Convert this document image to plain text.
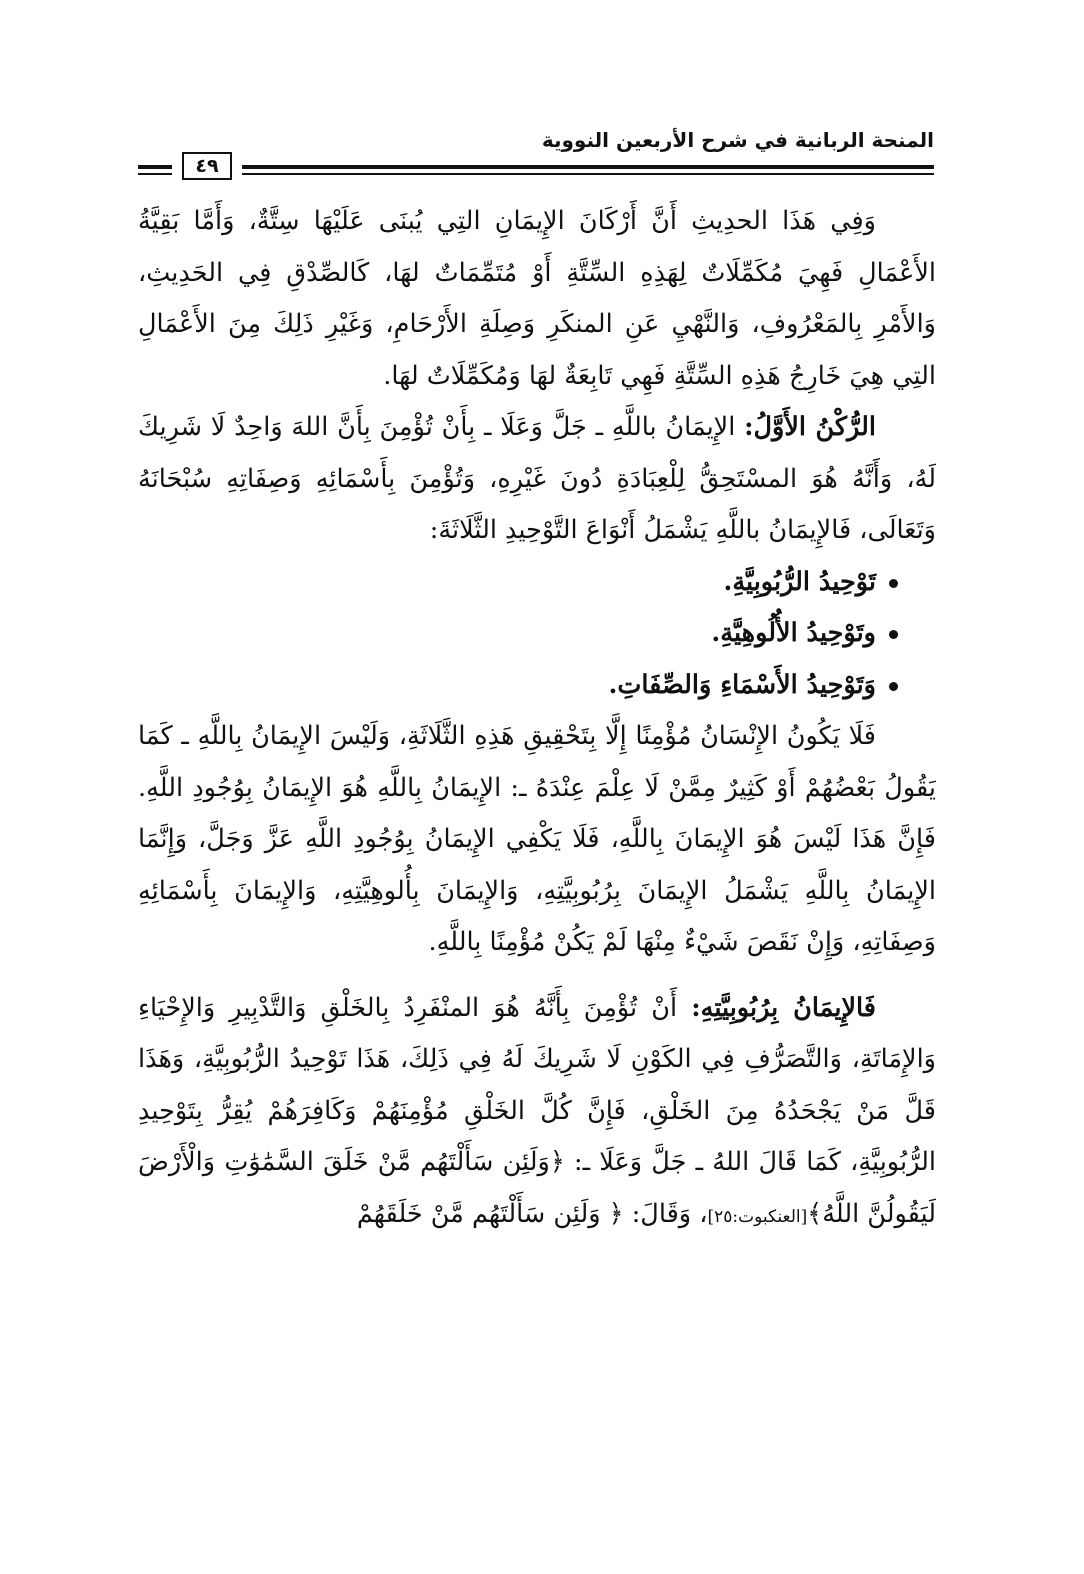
المنحة الربانية في شرح الأربعين النووية
٤٩

وَفِي هَذَا الحدِيثِ أَنَّ أَرْكَانَ الإِيمَانِ التِي يُبنَى عَلَيْهَا سِتَّةٌ، وَأَمَّا بَقِيَّةُ الأَعْمَالِ فَهِيَ مُكَمِّلَاتٌ لِهَذِهِ السِّتَّةِ أَوْ مُتَمِّمَاتٌ لهَا، كَالصِّدْقِ فِي الحَدِيثِ، وَالأَمْرِ بِالمَعْرُوفِ، وَالنَّهْيِ عَنِ المنكَرِ وَصِلَةِ الأَرْحَامِ، وَغَيْرِ ذَلِكَ مِنَ الأَعْمَالِ التِي هِيَ خَارِجُ هَذِهِ السِّتَّةِ فَهِي تَابِعَةٌ لهَا وَمُكَمِّلَاتٌ لهَا.

الرُّكْنُ الأَوَّلُ: الإِيمَانُ باللَّهِ ـ جَلَّ وَعَلَا ـ بِأَنْ تُؤْمِنَ بِأَنَّ اللهَ وَاحِدٌ لَا شَرِيكَ لَهُ، وَأَنَّهُ هُوَ المسْتَحِقُّ لِلْعِبَادَةِ دُونَ غَيْرِهِ، وَتُؤْمِنَ بِأَسْمَائِهِ وَصِفَاتِهِ سُبْحَانَهُ وَتَعَالَى، فَالإِيمَانُ باللَّهِ يَشْمَلُ أَنْوَاعَ التَّوْحِيدِ الثَّلَاثَةَ:

تَوْحِيدُ الرُّبُوبِيَّةِ.
وتَوْحِيدُ الأُلُوهِيَّةِ.
وَتَوْحِيدُ الأَسْمَاءِ وَالصِّفَاتِ.

فَلَا يَكُونُ الإِنْسَانُ مُؤْمِنًا إِلَّا بِتَحْقِيقِ هَذِهِ الثَّلَاثَةِ، وَلَيْسَ الإِيمَانُ بِاللَّهِ ـ كَمَا يَقُولُ بَعْضُهُمْ أَوْ كَثِيرٌ مِمَّنْ لَا عِلْمَ عِنْدَهُ ـ: الإِيمَانُ بِاللَّهِ هُوَ الإِيمَانُ بِوُجُودِ اللَّهِ. فَإِنَّ هَذَا لَيْسَ هُوَ الإِيمَانَ بِاللَّهِ، فَلَا يَكْفِي الإِيمَانُ بِوُجُودِ اللَّهِ عَزَّ وَجَلَّ، وَإِنَّمَا الإِيمَانُ بِاللَّهِ يَشْمَلُ الإِيمَانَ بِرُبُوبِيَّتِهِ، وَالإِيمَانَ بِأُلوهِيَّتِهِ، وَالإِيمَانَ بِأَسْمَائِهِ وَصِفَاتِهِ، وَإِنْ نَقَصَ شَيْءٌ مِنْهَا لَمْ يَكُنْ مُؤْمِنًا بِاللَّهِ.

فَالإِيمَانُ بِرُبُوبِيَّتِهِ: أَنْ تُؤْمِنَ بِأَنَّهُ هُوَ المنْفَرِدُ بِالخَلْقِ وَالتَّدْبِيرِ وَالإِحْيَاءِ وَالإِمَاتَةِ، وَالتَّصَرُّفِ فِي الكَوْنِ لَا شَرِيكَ لَهُ فِي ذَلِكَ، هَذَا تَوْحِيدُ الرُّبُوبِيَّةِ، وَهَذَا قَلَّ مَنْ يَجْحَدُهُ مِنَ الخَلْقِ، فَإِنَّ كُلَّ الخَلْقِ مُؤْمِنَهُمْ وَكَافِرَهُمْ يُقِرُّ بِتَوْحِيدِ الرُّبُوبِيَّةِ، كَمَا قَالَ اللهُ ـ جَلَّ وَعَلَا ـ: ﴿وَلَئِن سَأَلْتَهُم مَّنْ خَلَقَ السَّمَٰوَٰتِ وَالْأَرْضَ لَيَقُولُنَّ اللَّهُ﴾[العنكبوت:٢٥]، وَقَالَ: ﴿ وَلَئِن سَأَلْتَهُم مَّنْ خَلَقَهُمْ
